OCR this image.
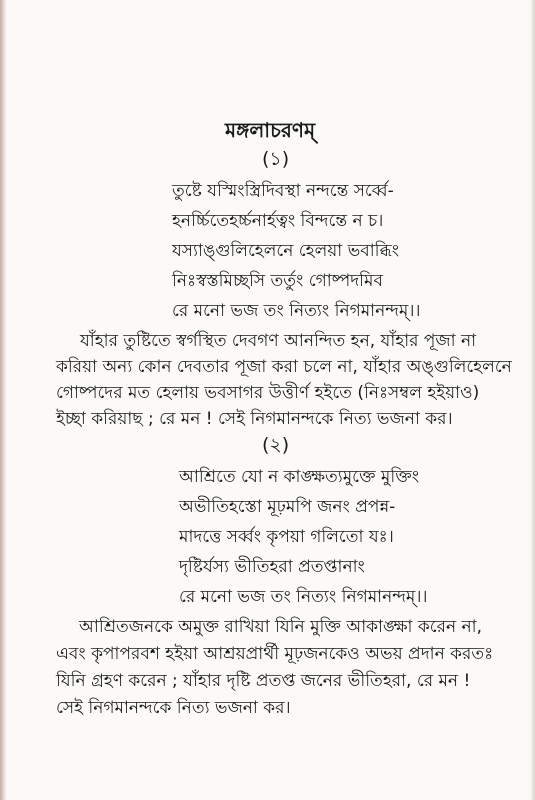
মঙ্গলাচরণম্
(১)
তুষ্টে যস্মিংস্ত্রিদিবস্থা নন্দন্তে সর্ব্বে-
হনর্চ্চিতেহর্চ্চনার্হত্বং বিন্দন্তে ন চ।
যস্যাঙ্গুলিহেলনে হেলয়া ভবাব্ধিং
নিঃস্বস্তমিচ্ছসি তর্তুং গোষ্পদমিব
রে মনো ভজ তং নিত্যং নিগমানন্দম্।।
যাঁহার তুষ্টিতে স্বর্গস্থিত দেবগণ আনন্দিত হন, যাঁহার পূজা না
করিয়া অন্য কোন দেবতার পূজা করা চলে না, যাঁহার অঙ্গুলিহেলনে
গোষ্পদের মত হেলায় ভবসাগর উত্তীর্ণ হইতে (নিঃসম্বল হইয়াও)
ইচ্ছা করিয়াছ ; রে মন ! সেই নিগমানন্দকে নিত্য ভজনা কর।
(২)
আশ্রিতে যো ন কাঙ্ক্ষত্যমুক্তে মুক্তিং
অভীতিহস্তো মূঢ়মপি জনং প্রপন্ন-
মাদত্তে সর্ব্বং কৃপয়া গলিতো যঃ।
দৃষ্টির্যস্য ভীতিহরা প্রতপ্তানাং
রে মনো ভজ তং নিত্যং নিগমানন্দম্।।
আশ্রিতজনকে অমুক্ত রাখিয়া যিনি মুক্তি আকাঙ্ক্ষা করেন না,
এবং কৃপাপরবশ হইয়া আশ্রয়প্রার্থী মূঢ়জনকেও অভয় প্রদান করতঃ
যিনি গ্রহণ করেন ; যাঁহার দৃষ্টি প্রতপ্ত জনের ভীতিহরা, রে মন !
সেই নিগমানন্দকে নিত্য ভজনা কর।
